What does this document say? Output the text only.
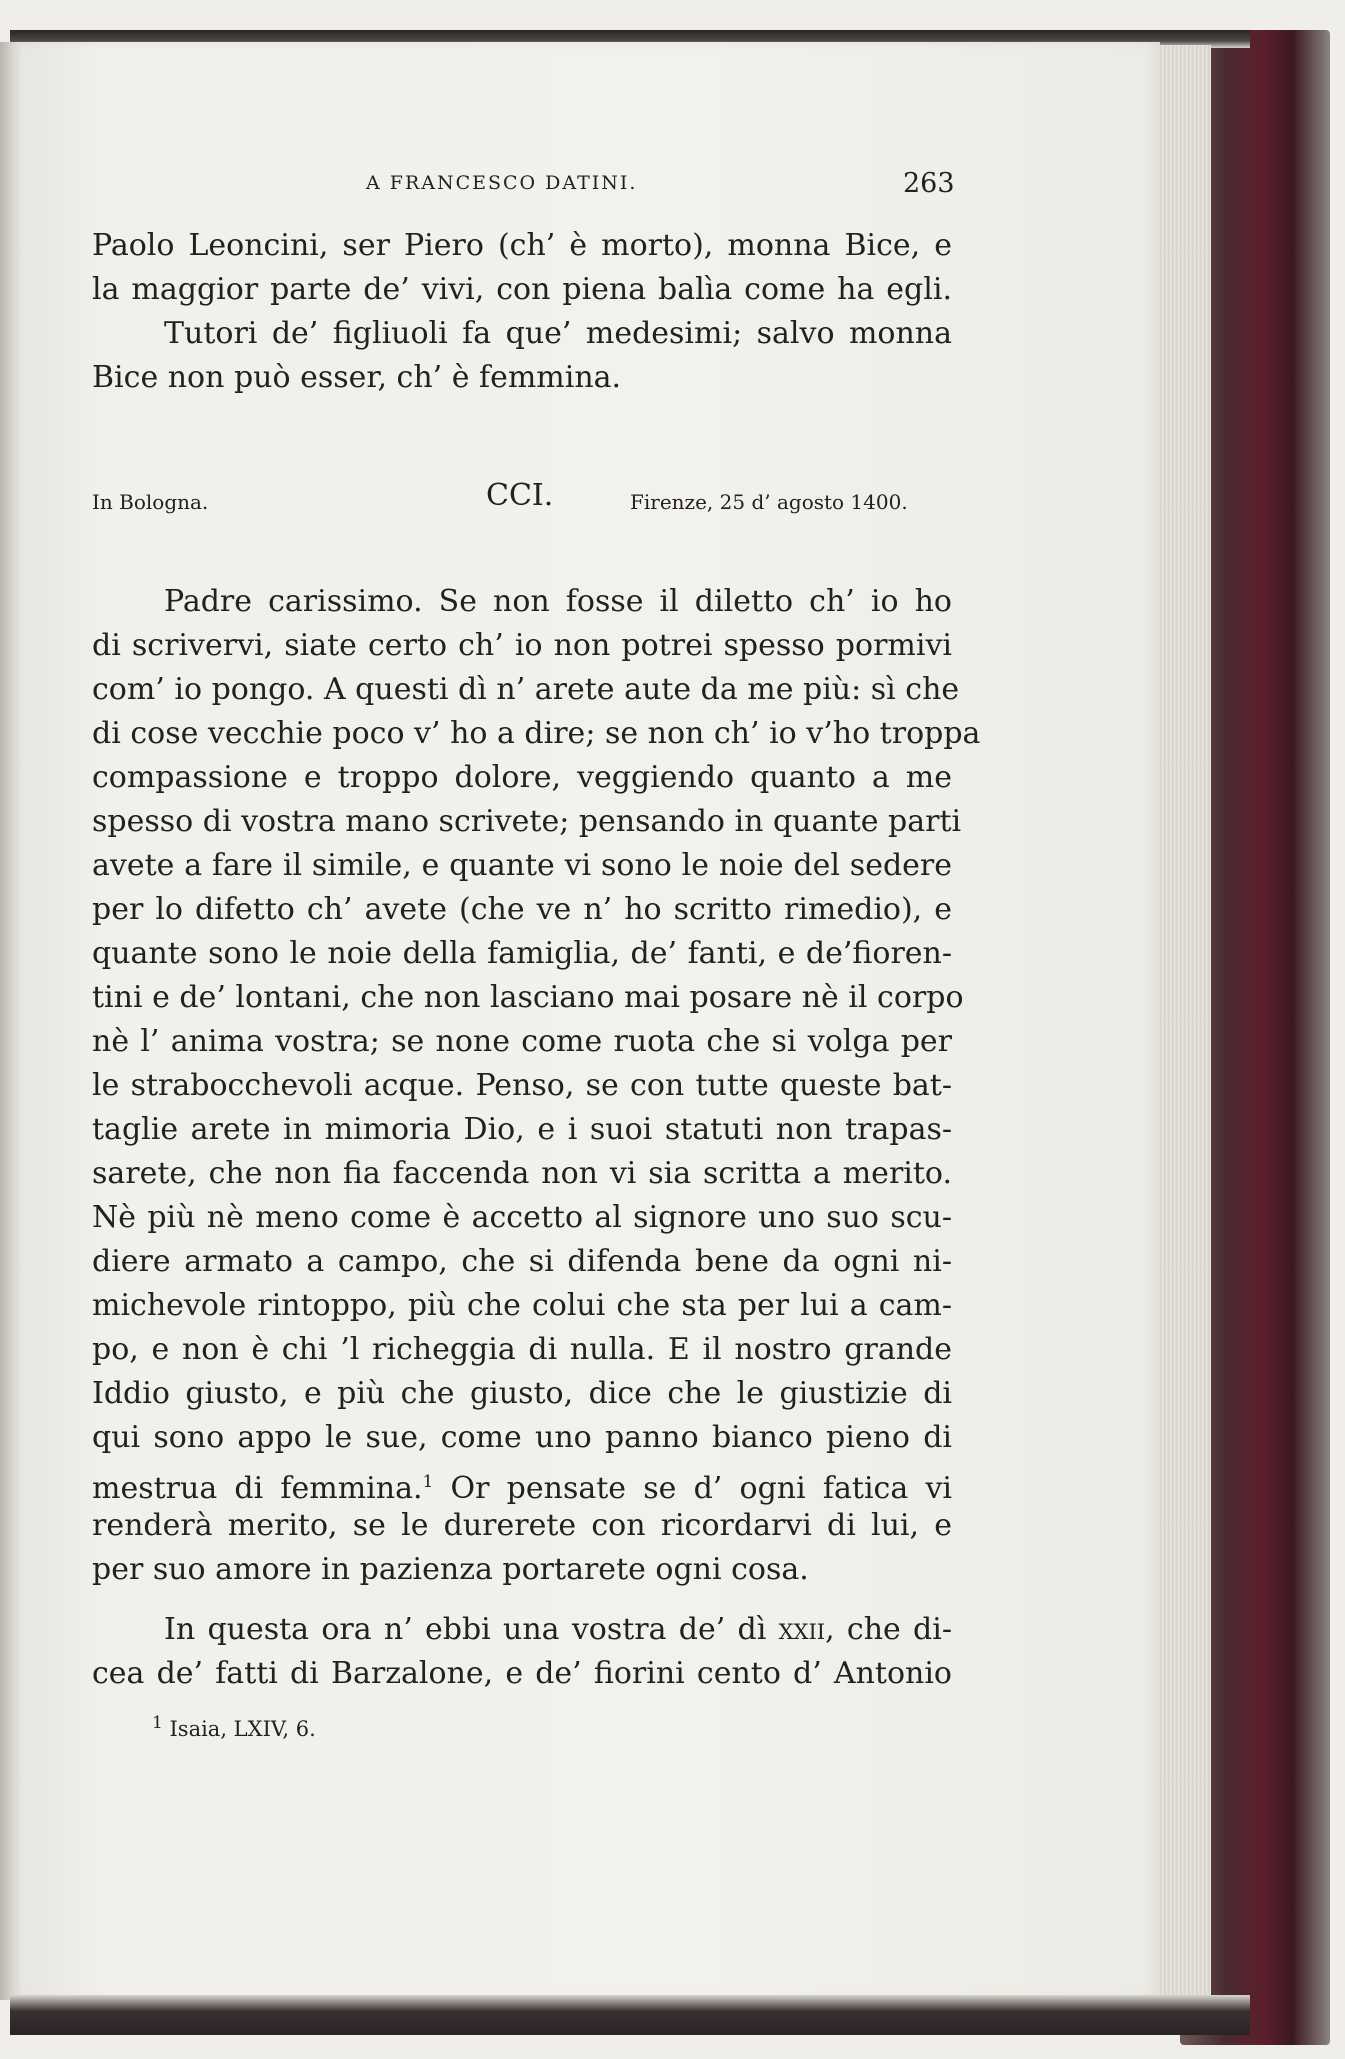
A FRANCESCO DATINI.	263
Paolo Leoncini, ser Piero (ch’ è morto), monna Bice, e
la maggior parte de’ vivi, con piena balìa come ha egli.
Tutori de’ figliuoli fa que’ medesimi; salvo monna
Bice non può esser, ch’ è femmina.
In Bologna.	CCI.	Firenze, 25 d’ agosto 1400.
Padre carissimo. Se non fosse il diletto ch’ io ho
di scrivervi, siate certo ch’ io non potrei spesso pormivi
com’ io pongo. A questi dì n’ arete aute da me più: sì che
di cose vecchie poco v’ ho a dire; se non ch’ io v’ho troppa
compassione e troppo dolore, veggiendo quanto a me
spesso di vostra mano scrivete; pensando in quante parti
avete a fare il simile, e quante vi sono le noie del sedere
per lo difetto ch’ avete (che ve n’ ho scritto rimedio), e
quante sono le noie della famiglia, de’ fanti, e de’fioren-
tini e de’ lontani, che non lasciano mai posare nè il corpo
nè l’ anima vostra; se none come ruota che si volga per
le strabocchevoli acque. Penso, se con tutte queste bat-
taglie arete in mimoria Dio, e i suoi statuti non trapas-
sarete, che non fia faccenda non vi sia scritta a merito.
Nè più nè meno come è accetto al signore uno suo scu-
diere armato a campo, che si difenda bene da ogni ni-
michevole rintoppo, più che colui che sta per lui a cam-
po, e non è chi ’l richeggia di nulla. E il nostro grande
Iddio giusto, e più che giusto, dice che le giustizie di
qui sono appo le sue, come uno panno bianco pieno di
mestrua di femmina.$^1$ Or pensate se d’ ogni fatica vi
renderà merito, se le durerete con ricordarvi di lui, e
per suo amore in pazienza portarete ogni cosa.
In questa ora n’ ebbi una vostra de’ dì xxii, che di-
cea de’ fatti di Barzalone, e de’ fiorini cento d’ Antonio
$^1$ Isaia, LXIV, 6.
